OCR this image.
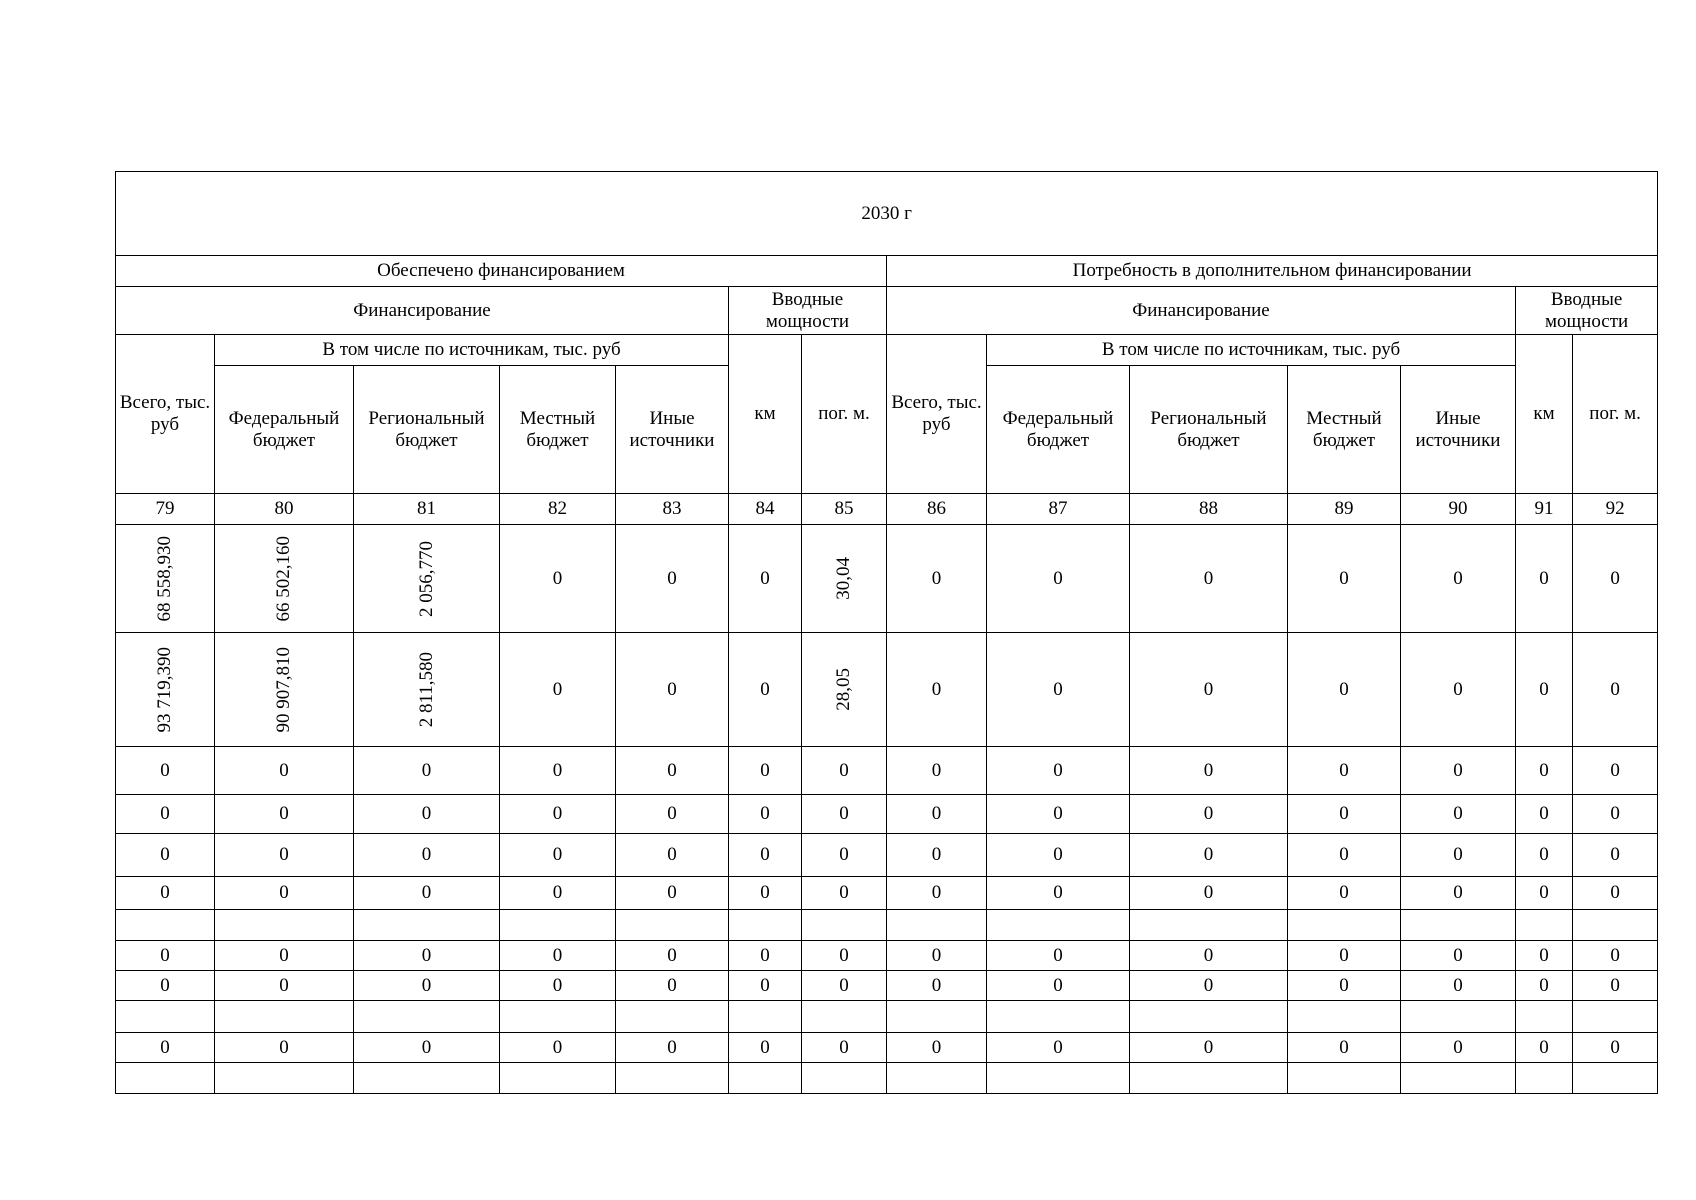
2030 г													
Обеспечено финансированием							Потребность в дополнительном финансировании						
Финансирование					Вводные мощности		Финансирование					Вводные мощности	
Всего, тыс. руб	В том числе по источникам, тыс. руб				км	пог. м.	Всего, тыс. руб	В том числе по источникам, тыс. руб				км	пог. м.
	Федеральный бюджет	Региональный бюджет	Местный бюджет	Иные источники				Федеральный бюджет	Региональный бюджет	Местный бюджет	Иные источники		
79	80	81	82	83	84	85	86	87	88	89	90	91	92

68 558,930	66 502,160	2 056,770	0	0	0	30,04	0	0	0	0	0	0	0

93 719,390	90 907,810	2 811,580	0	0	0	28,05	0	0	0	0	0	0	0
0	0	0	0	0	0	0	0	0	0	0	0	0	0
0	0	0	0	0	0	0	0	0	0	0	0	0	0
0	0	0	0	0	0	0	0	0	0	0	0	0	0
0	0	0	0	0	0	0	0	0	0	0	0	0	0

0	0	0	0	0	0	0	0	0	0	0	0	0	0
0	0	0	0	0	0	0	0	0	0	0	0	0	0

0	0	0	0	0	0	0	0	0	0	0	0	0	0
